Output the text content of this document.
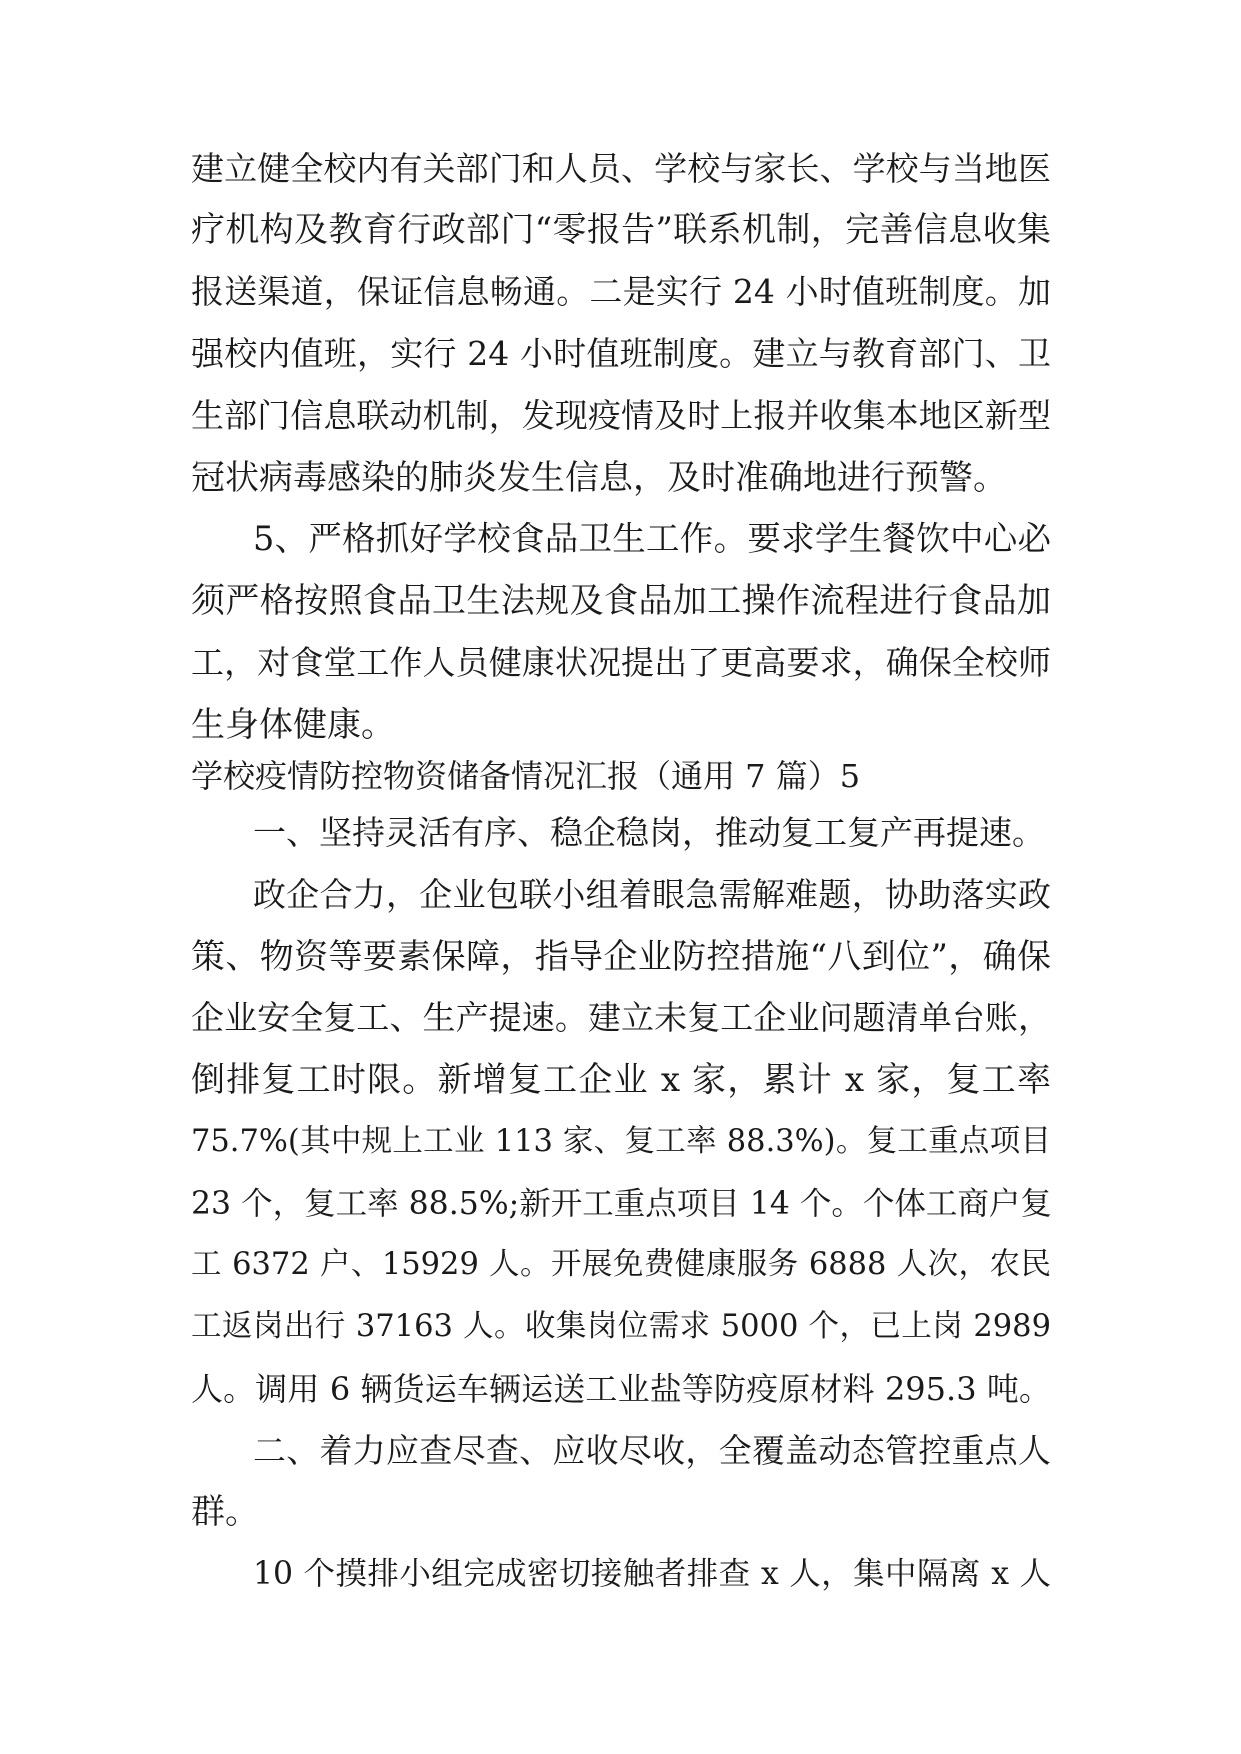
建立健全校内有关部门和人员、学校与家长、学校与当地医
疗机构及教育行政部门“零报告”联系机制，完善信息收集
报送渠道，保证信息畅通。二是实行 24 小时值班制度。加
强校内值班，实行 24 小时值班制度。建立与教育部门、卫
生部门信息联动机制，发现疫情及时上报并收集本地区新型
冠状病毒感染的肺炎发生信息，及时准确地进行预警。
5、严格抓好学校食品卫生工作。要求学生餐饮中心必
须严格按照食品卫生法规及食品加工操作流程进行食品加
工，对食堂工作人员健康状况提出了更高要求，确保全校师
生身体健康。
学校疫情防控物资储备情况汇报（通用 7 篇）5
一、坚持灵活有序、稳企稳岗，推动复工复产再提速。
政企合力，企业包联小组着眼急需解难题，协助落实政
策、物资等要素保障，指导企业防控措施“八到位”，确保
企业安全复工、生产提速。建立未复工企业问题清单台账，
倒排复工时限。新增复工企业 x 家，累计 x 家，复工率
75.7%(其中规上工业 113 家、复工率 88.3%)。复工重点项目
23 个，复工率 88.5%;新开工重点项目 14 个。个体工商户复
工 6372 户、15929 人。开展免费健康服务 6888 人次，农民
工返岗出行 37163 人。收集岗位需求 5000 个，已上岗 2989
人。调用 6 辆货运车辆运送工业盐等防疫原材料 295.3 吨。
二、着力应查尽查、应收尽收，全覆盖动态管控重点人
群。
10 个摸排小组完成密切接触者排查 x 人，集中隔离 x 人
